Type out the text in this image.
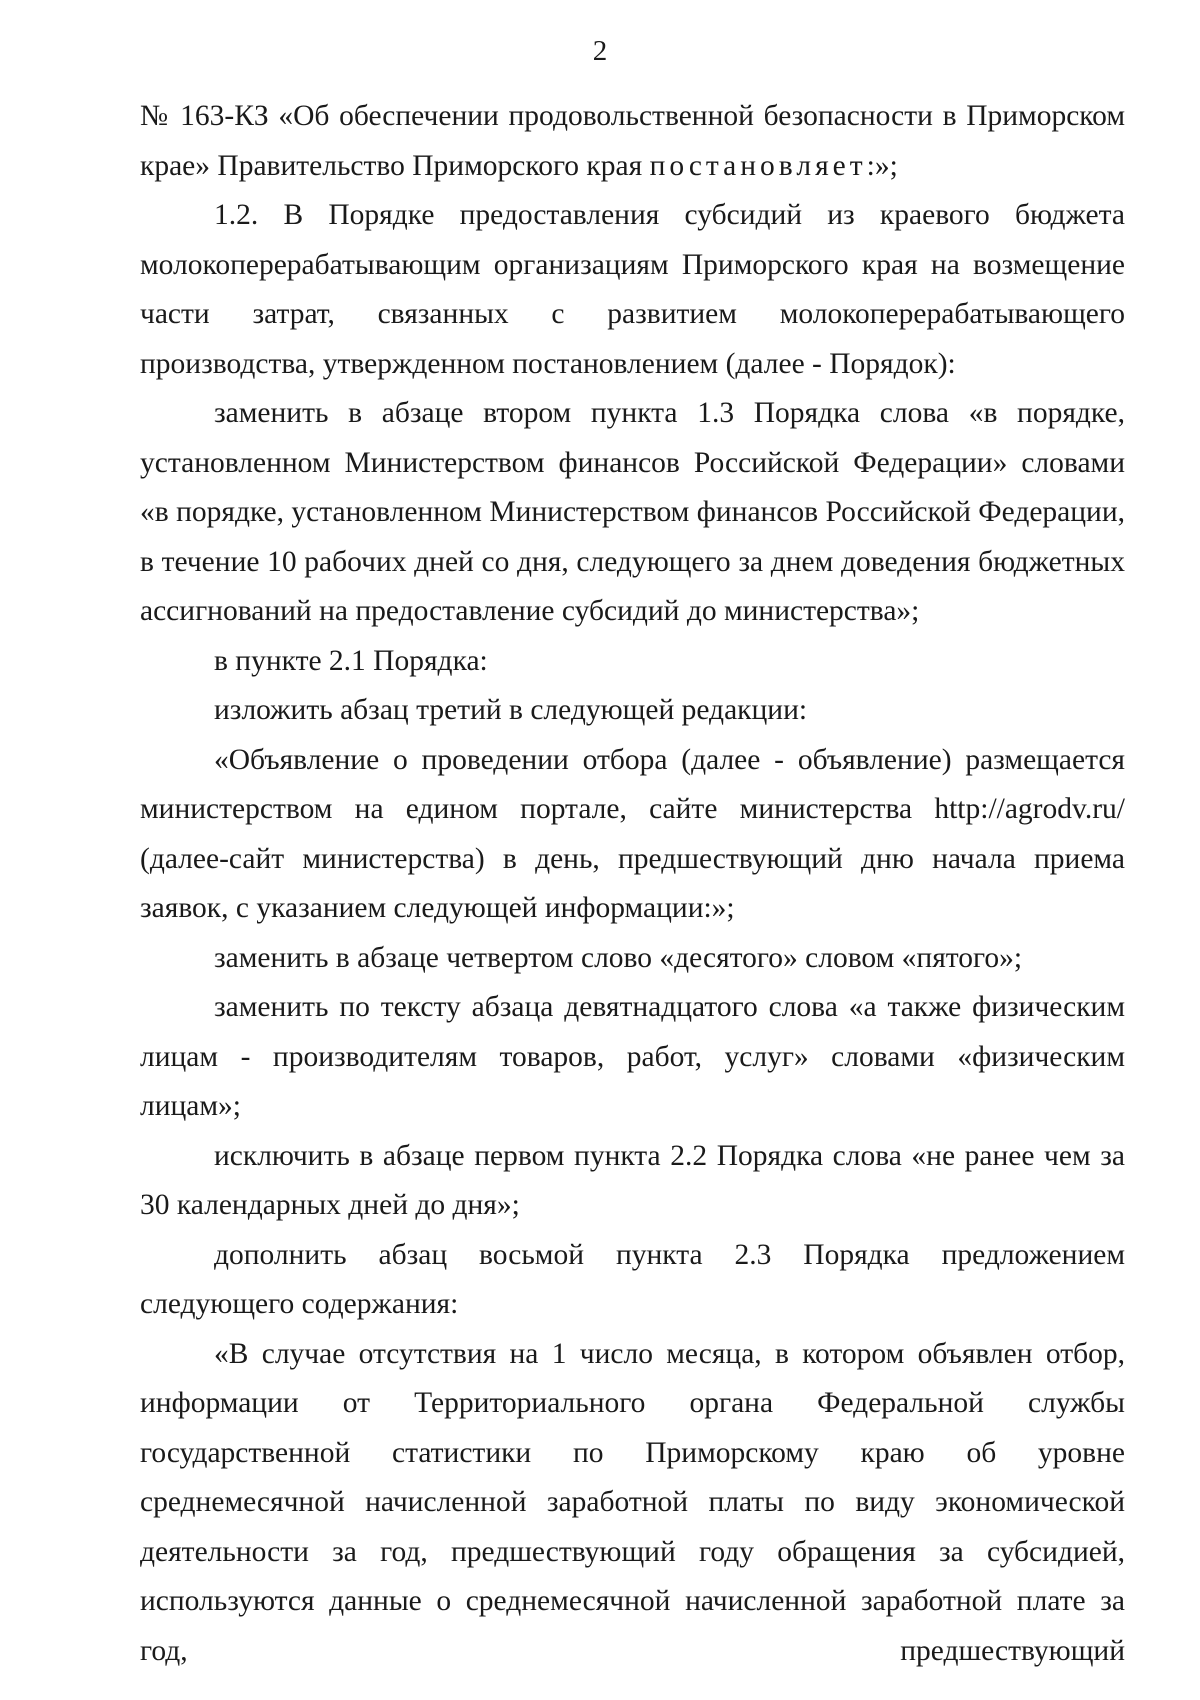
2

№ 163-КЗ «Об обеспечении продовольственной безопасности в Приморском крае» Правительство Приморского края постановляет:»;

1.2. В Порядке предоставления субсидий из краевого бюджета молокоперерабатывающим организациям Приморского края на возмещение части затрат, связанных с развитием молокоперерабатывающего производства, утвержденном постановлением (далее - Порядок):

заменить в абзаце втором пункта 1.3 Порядка слова «в порядке, установленном Министерством финансов Российской Федерации» словами «в порядке, установленном Министерством финансов Российской Федерации, в течение 10 рабочих дней со дня, следующего за днем доведения бюджетных ассигнований на предоставление субсидий до министерства»;

в пункте 2.1 Порядка:

изложить абзац третий в следующей редакции:

«Объявление о проведении отбора (далее - объявление) размещается министерством на едином портале, сайте министерства http://agrodv.ru/ (далее-сайт министерства) в день, предшествующий дню начала приема заявок, с указанием следующей информации:»;

заменить в абзаце четвертом слово «десятого» словом «пятого»;

заменить по тексту абзаца девятнадцатого слова «а также физическим лицам - производителям товаров, работ, услуг» словами «физическим лицам»;

исключить в абзаце первом пункта 2.2 Порядка слова «не ранее чем за 30 календарных дней до дня»;

дополнить абзац восьмой пункта 2.3 Порядка предложением следующего содержания:

«В случае отсутствия на 1 число месяца, в котором объявлен отбор, информации от Территориального органа Федеральной службы государственной статистики по Приморскому краю об уровне среднемесячной начисленной заработной платы по виду экономической деятельности за год, предшествующий году обращения за субсидией, используются данные о среднемесячной начисленной заработной плате за год, предшествующий
